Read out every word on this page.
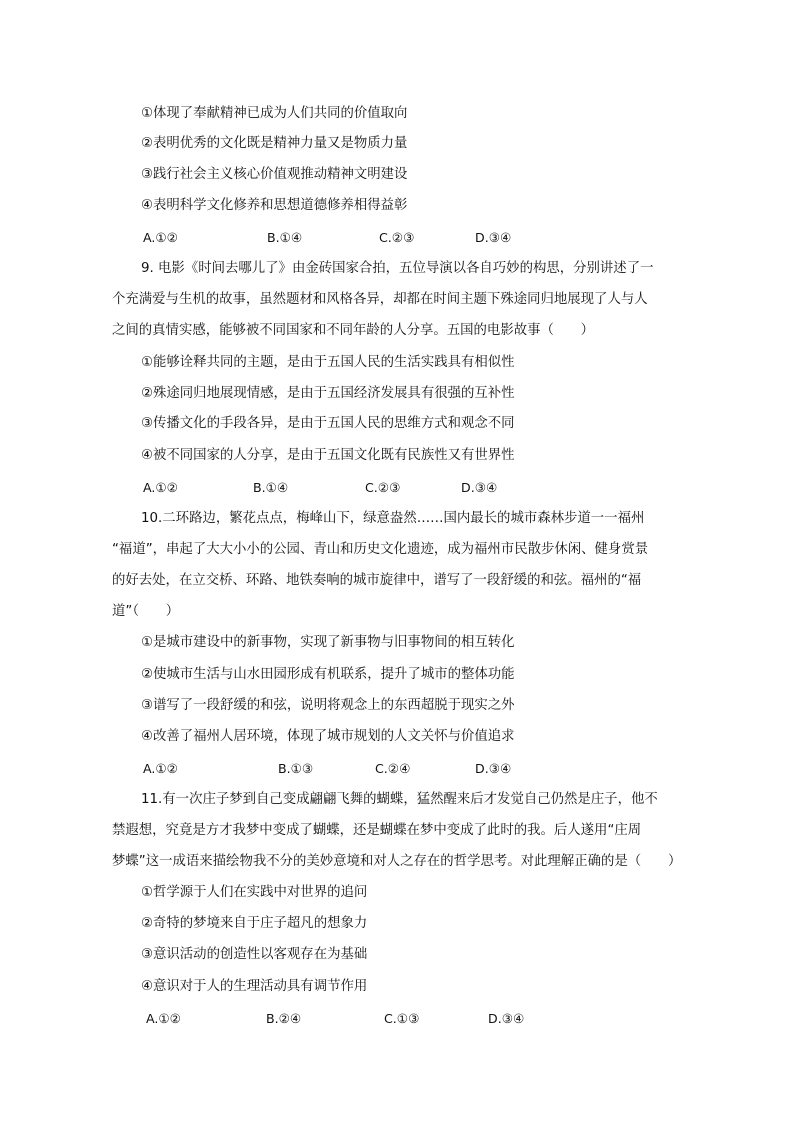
①体现了奉献精神已成为人们共同的价值取向
②表明优秀的文化既是精神力量又是物质力量
③践行社会主义核心价值观推动精神文明建设
④表明科学文化修养和思想道德修养相得益彰
A.①②	B.①④	C.②③	D.③④
9. 电影《时间去哪儿了》由金砖国家合拍，五位导演以各自巧妙的构思，分别讲述了一
个充满爱与生机的故事，虽然题材和风格各异，却都在时间主题下殊途同归地展现了人与人
之间的真情实感，能够被不同国家和不同年龄的人分享。五国的电影故事（　　）
①能够诠释共同的主题，是由于五国人民的生活实践具有相似性
②殊途同归地展现情感，是由于五国经济发展具有很强的互补性
③传播文化的手段各异，是由于五国人民的思维方式和观念不同
④被不同国家的人分享，是由于五国文化既有民族性又有世界性
A.①②	B.①④	C.②③	D.③④
10.二环路边，繁花点点，梅峰山下，绿意盎然……国内最长的城市森林步道一一福州
“福道”，串起了大大小小的公园、青山和历史文化遗迹，成为福州市民散步休闲、健身赏景
的好去处，在立交桥、环路、地铁奏响的城市旋律中，谱写了一段舒缓的和弦。福州的“福
道”（　　）
①是城市建设中的新事物，实现了新事物与旧事物间的相互转化
②使城市生活与山水田园形成有机联系，提升了城市的整体功能
③谱写了一段舒缓的和弦，说明将观念上的东西超脱于现实之外
④改善了福州人居环境，体现了城市规划的人文关怀与价值追求
A.①②	B.①③	C.②④	D.③④
11.有一次庄子梦到自己变成翩翩飞舞的蝴蝶，猛然醒来后才发觉自己仍然是庄子，他不
禁遐想，究竟是方才我梦中变成了蝴蝶，还是蝴蝶在梦中变成了此时的我。后人遂用“庄周
梦蝶”这一成语来描绘物我不分的美妙意境和对人之存在的哲学思考。对此理解正确的是（　　）
①哲学源于人们在实践中对世界的追问
②奇特的梦境来自于庄子超凡的想象力
③意识活动的创造性以客观存在为基础
④意识对于人的生理活动具有调节作用
A.①②	B.②④	C.①③	D.③④
